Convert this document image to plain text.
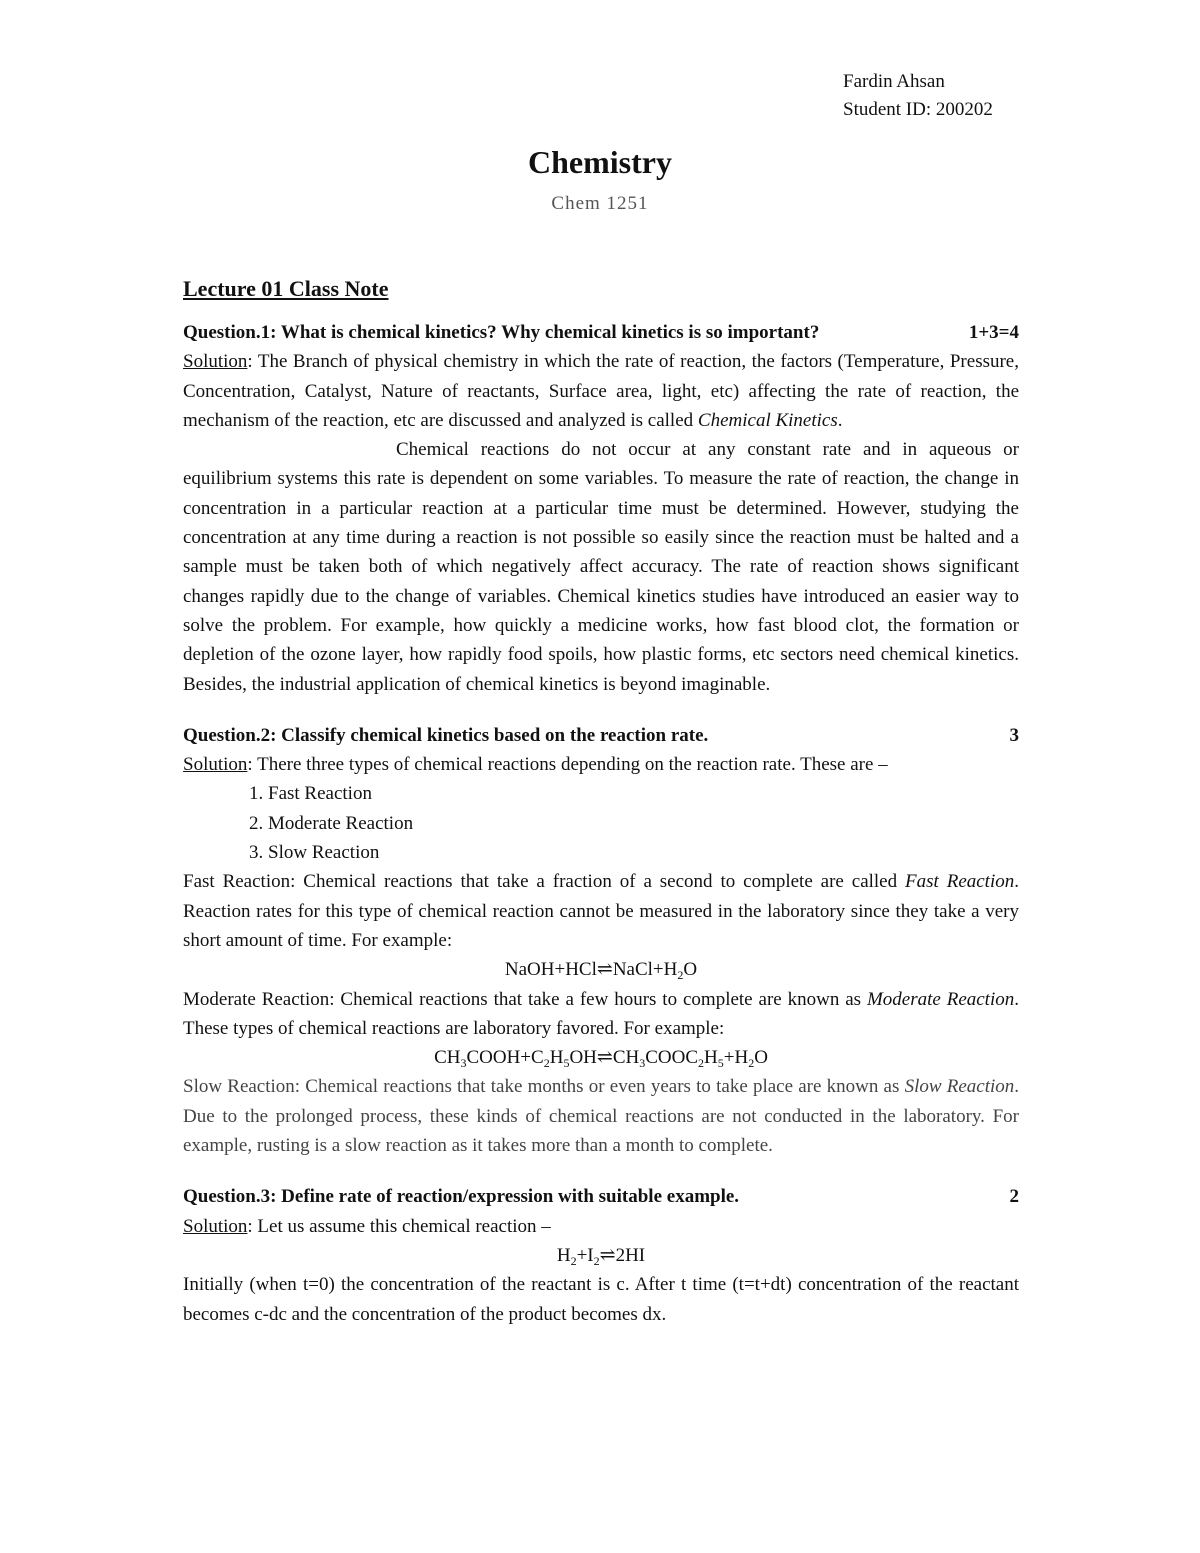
Fardin Ahsan
Student ID: 200202
Chemistry
Chem 1251
Lecture 01 Class Note
Question.1: What is chemical kinetics? Why chemical kinetics is so important?	1+3=4

Solution: The Branch of physical chemistry in which the rate of reaction, the factors (Temperature, Pressure, Concentration, Catalyst, Nature of reactants, Surface area, light, etc) affecting the rate of reaction, the mechanism of the reaction, etc are discussed and analyzed is called Chemical Kinetics.

Chemical reactions do not occur at any constant rate and in aqueous or equilibrium systems this rate is dependent on some variables. To measure the rate of reaction, the change in concentration in a particular reaction at a particular time must be determined. However, studying the concentration at any time during a reaction is not possible so easily since the reaction must be halted and a sample must be taken both of which negatively affect accuracy. The rate of reaction shows significant changes rapidly due to the change of variables. Chemical kinetics studies have introduced an easier way to solve the problem. For example, how quickly a medicine works, how fast blood clot, the formation or depletion of the ozone layer, how rapidly food spoils, how plastic forms, etc sectors need chemical kinetics. Besides, the industrial application of chemical kinetics is beyond imaginable.

Question.2: Classify chemical kinetics based on the reaction rate.	3

Solution: There three types of chemical reactions depending on the reaction rate. These are –

1. Fast Reaction
2. Moderate Reaction
3. Slow Reaction

Fast Reaction: Chemical reactions that take a fraction of a second to complete are called Fast Reaction. Reaction rates for this type of chemical reaction cannot be measured in the laboratory since they take a very short amount of time. For example:

$NaOH+HCl\rightleftharpoons NaCl+H_2O$

Moderate Reaction: Chemical reactions that take a few hours to complete are known as Moderate Reaction. These types of chemical reactions are laboratory favored. For example:

$CH_3COOH+C_2H_5OH\rightleftharpoons CH_3COOC_2H_5+H_2O$

Slow Reaction: Chemical reactions that take months or even years to take place are known as Slow Reaction. Due to the prolonged process, these kinds of chemical reactions are not conducted in the laboratory. For example, rusting is a slow reaction as it takes more than a month to complete.

Question.3: Define rate of reaction/expression with suitable example.	2

Solution: Let us assume this chemical reaction –

$H_2+I_2\rightleftharpoons 2HI$

Initially (when t=0) the concentration of the reactant is c. After t time (t=t+dt) concentration of the reactant becomes c-dc and the concentration of the product becomes dx.
